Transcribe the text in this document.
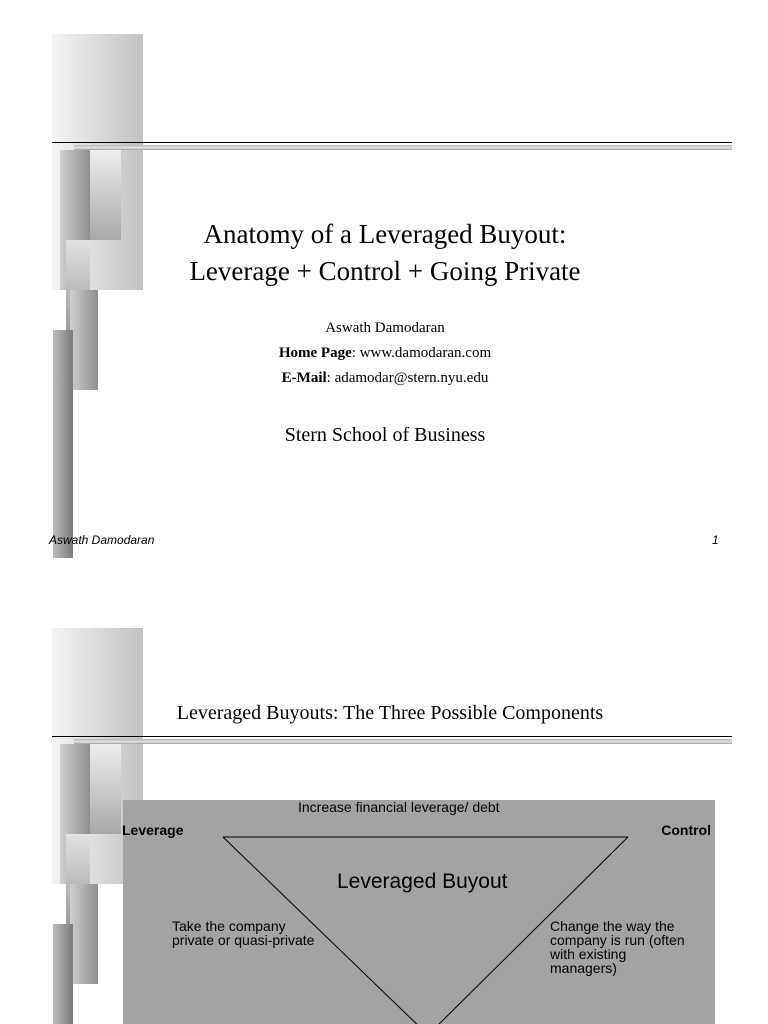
Anatomy of a Leveraged Buyout:
Leverage + Control + Going Private
Aswath Damodaran
Home Page: www.damodaran.com
E-Mail: adamodar@stern.nyu.edu
Stern School of Business
Aswath Damodaran	1
Leveraged Buyouts: The Three Possible Components
Increase financial leverage/ debt
Leverage	Control
Leveraged Buyout
Take the company private or quasi-private
Change the way the company is run (often with existing managers)
